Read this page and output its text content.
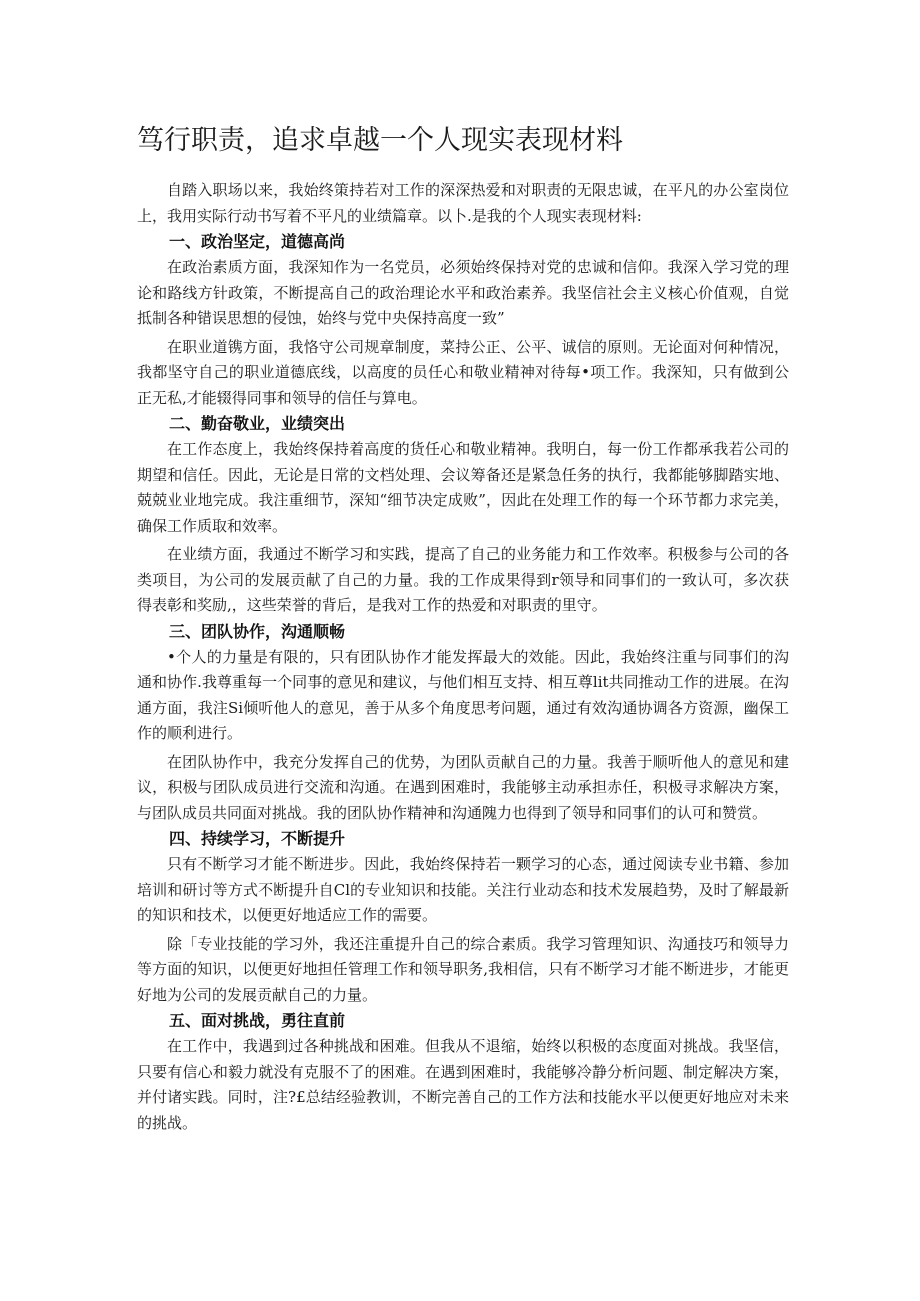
笃行职责，追求卓越一个人现实表现材料

自踏入职场以来，我始终策持若对工作的深深热爱和对职责的无限忠诚，在平凡的办公室岗位上，我用实际行动书写着不平凡的业绩篇章。以卜.是我的个人现实表现材料:

一、政治坚定，道德高尚

在政治素质方面，我深知作为一名党员，必须始终保持对党的忠诚和信仰。我深入学习党的理论和路线方针政策，不断提高自己的政治理论水平和政治素养。我坚信社会主义核心价值观，自觉抵制各种错误思想的侵蚀，始终与党中央保持高度一致”

在职业道镌方面，我恪守公司规章制度，菜持公正、公平、诚信的原则。无论面对何种情况，我都坚守自己的职业道德底线，以高度的员任心和敬业精神对待每•项工作。我深知，只有做到公正无私,才能辍得同事和领导的信任与算电。

二、勤奋敬业，业绩突出

在工作态度上，我始终保持着高度的货任心和敬业精神。我明白，每一份工作都承我若公司的期望和信任。因此，无论是日常的文档处理、会议筹备还是紧急任务的执行，我都能够脚踏实地、兢兢业业地完成。我注重细节，深知“细节决定成败”，因此在处理工作的每一个环节都力求完美，确保工作质取和效率。

在业绩方面，我通过不断学习和实践，提高了自己的业务能力和工作效率。积极参与公司的各类项目，为公司的发展贡献了自己的力量。我的工作成果得到r领导和同事们的一致认可，多次获得表彰和奖励,，这些荣誉的背后，是我对工作的热爱和对职责的里守。

三、团队协作，沟通顺畅

•个人的力量是有限的，只有团队协作才能发挥最大的效能。因此，我始终注重与同事们的沟通和协作.我尊重每一个同事的意见和建议，与他们相互支持、相互尊lit共同推动工作的进展。在沟通方面，我注Si倾听他人的意见，善于从多个角度思考问题，通过有效沟通协调各方资源，幽保工作的顺利进行。

在团队协作中，我充分发挥自己的优势，为团队贡献自己的力量。我善于顺听他人的意见和建议，积极与团队成员进行交流和沟通。在遇到困难时，我能够主动承担赤任，积极寻求解决方案，与团队成员共同面对挑战。我的团队协作精神和沟通隗力也得到了领导和同事们的认可和赞赏。

四、持续学习，不断提升

只有不断学习才能不断进步。因此，我始终保持若一颗学习的心态，通过阅读专业书籍、参加培训和研讨等方式不断提升自Cl的专业知识和技能。关注行业动态和技术发展趋势，及时了解最新的知识和技术，以便更好地适应工作的需要。

除「专业技能的学习外，我还注重提升自己的综合素质。我学习管理知识、沟通技巧和领导力等方面的知识，以便更好地担任管理工作和领导职务,我相信，只有不断学习才能不断进步，才能更好地为公司的发展贡献自己的力量。

五、面对挑战，勇往直前

在工作中，我遇到过各种挑战和困难。但我从不退缩，始终以积极的态度面对挑战。我坚信，只要有信心和毅力就没有克服不了的困难。在遇到困难时，我能够冷静分析问题、制定解决方案，并付诸实践。同时，注?£总结经验教训，不断完善自己的工作方法和技能水平以便更好地应对未来的挑战。
